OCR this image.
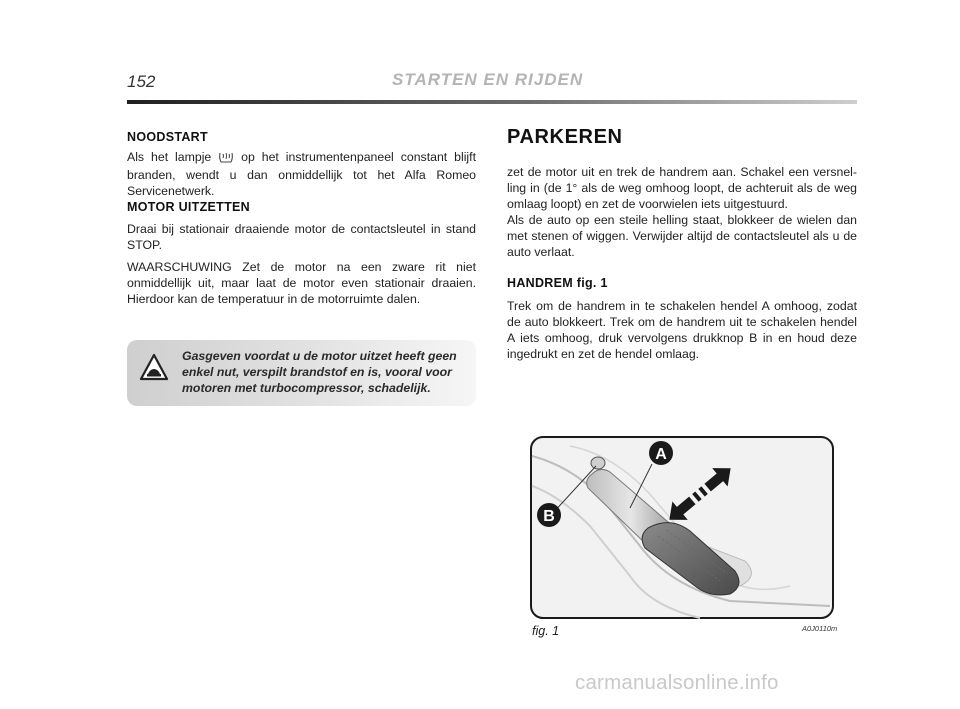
152	STARTEN EN RIJDEN
NOODSTART

Als het lampje op het instrumentenpaneel constant blijft branden, wendt u dan onmiddellijk tot het Alfa Romeo Servicenetwerk.

MOTOR UITZETTEN

Draai bij stationair draaiende motor de contactsleutel in stand STOP.

WAARSCHUWING Zet de motor na een zware rit niet onmiddellijk uit, maar laat de motor even stationair draaien. Hierdoor kan de temperatuur in de motorruimte dalen.

Gasgeven voordat u de motor uitzet heeft geen enkel nut, verspilt brandstof en is, vooral voor motoren met turbocompressor, schadelijk.
PARKEREN

zet de motor uit en trek de handrem aan. Schakel een versnelling in (de 1° als de weg omhoog loopt, de achteruit als de weg omlaag loopt) en zet de voorwielen iets uitgestuurd.

Als de auto op een steile helling staat, blokkeer de wielen dan met stenen of wiggen. Verwijder altijd de contactsleutel als u de auto verlaat.

HANDREM fig. 1

Trek om de handrem in te schakelen hendel A omhoog, zodat de auto blokkeert. Trek om de handrem uit te schakelen hendel A iets omhoog, druk vervolgens drukknop B in en houd deze ingedrukt en zet de hendel omlaag.

A
B
fig. 1	A0J0110m
carmanualsonline.info
